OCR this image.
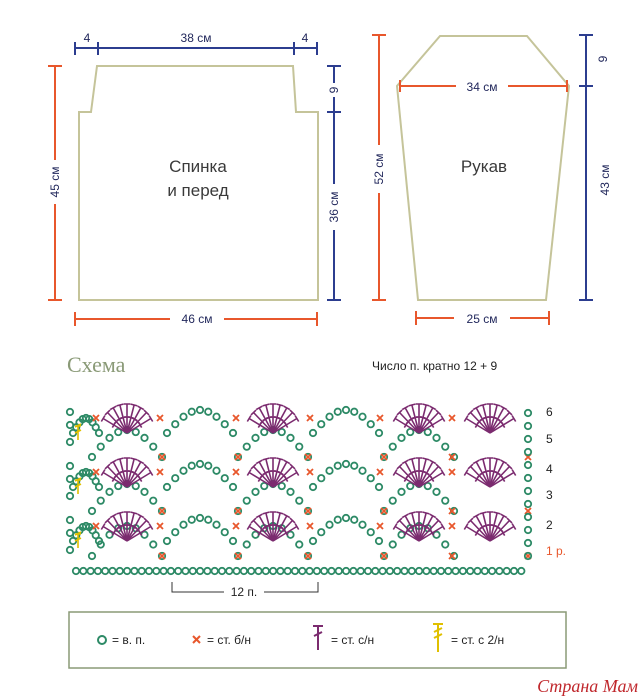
Спинка
и перед
4	38 см	4
45 см
9
36 см
46 см
Рукав
34 см
52 см
9
43 см
25 см
Схема	Число п. кратно 12 + 9
1 р.
2
3
4
5
6
12 п.
= в. п.	= ст. б/н	= ст. с/н	= ст. с 2/н
Страна Мам
